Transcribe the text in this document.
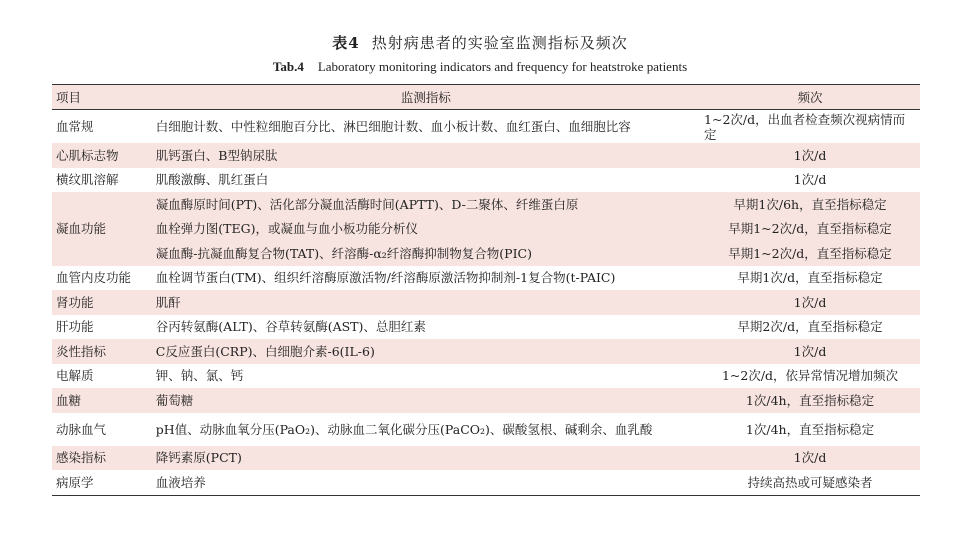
表4 热射病患者的实验室监测指标及频次
Tab.4 Laboratory monitoring indicators and frequency for heatstroke patients
项目	监测指标	频次
血常规	白细胞计数、中性粒细胞百分比、淋巴细胞计数、血小板计数、血红蛋白、血细胞比容	1~2次/d，出血者检查频次视病情而定
心肌标志物	肌钙蛋白、B型钠尿肽	1次/d
横纹肌溶解	肌酸激酶、肌红蛋白	1次/d
凝血功能	凝血酶原时间(PT)、活化部分凝血活酶时间(APTT)、D-二聚体、纤维蛋白原	早期1次/6h，直至指标稳定
	血栓弹力图(TEG)，或凝血与血小板功能分析仪	早期1~2次/d，直至指标稳定
	凝血酶-抗凝血酶复合物(TAT)、纤溶酶-α₂纤溶酶抑制物复合物(PIC)	早期1~2次/d，直至指标稳定
血管内皮功能	血栓调节蛋白(TM)、组织纤溶酶原激活物/纤溶酶原激活物抑制剂-1复合物(t-PAIC)	早期1次/d，直至指标稳定
肾功能	肌酐	1次/d
肝功能	谷丙转氨酶(ALT)、谷草转氨酶(AST)、总胆红素	早期2次/d，直至指标稳定
炎性指标	C反应蛋白(CRP)、白细胞介素-6(IL-6)	1次/d
电解质	钾、钠、氯、钙	1~2次/d，依异常情况增加频次
血糖	葡萄糖	1次/4h，直至指标稳定
动脉血气	pH值、动脉血氧分压(PaO₂)、动脉血二氧化碳分压(PaCO₂)、碳酸氢根、碱剩余、血乳酸	1次/4h，直至指标稳定
感染指标	降钙素原(PCT)	1次/d
病原学	血液培养	持续高热或可疑感染者
